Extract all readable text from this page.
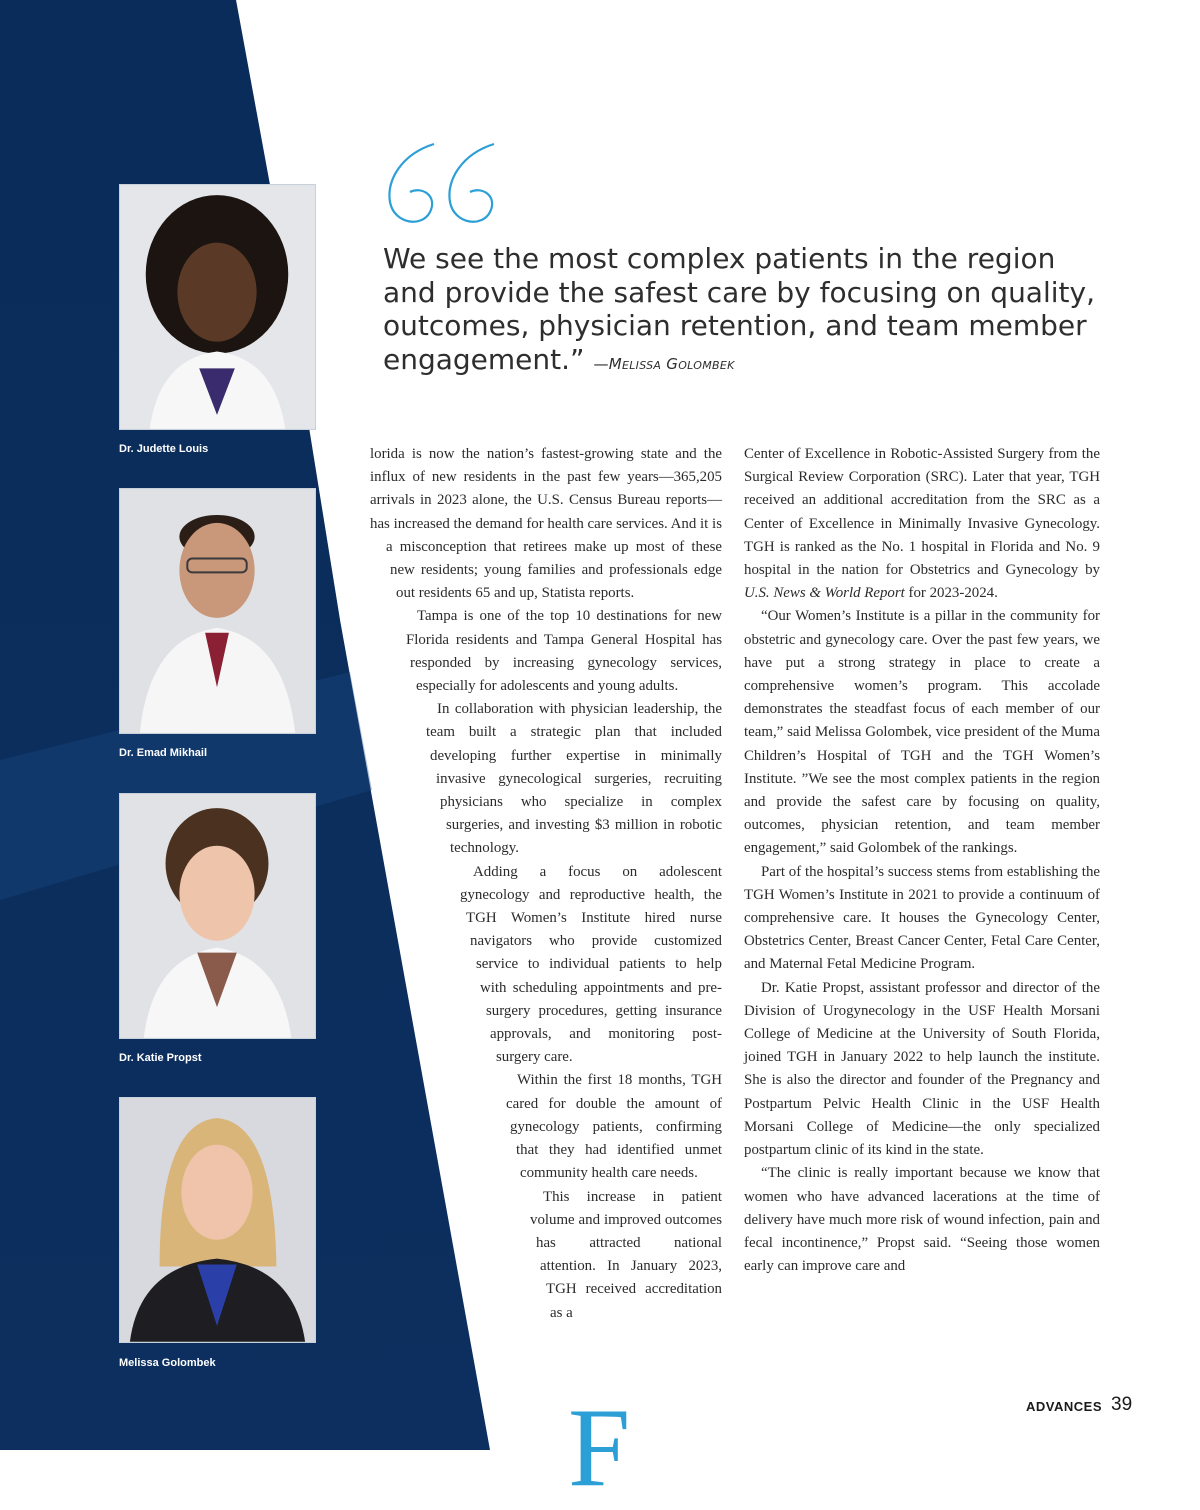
Dr. Judette Louis
Dr. Emad Mikhail
Dr. Katie Propst
Melissa Golombek

We see the most complex patients in the region and provide the safest care by focusing on quality, outcomes, physician retention, and team member engagement.” —Melissa Golombek

F

lorida is now the nation’s fastest-growing state and the influx of new residents in the past few years—365,205 arrivals in 2023 alone, the U.S. Census Bureau reports—has increased the demand for health care services. And it is a misconception that retirees make up most of these new residents; young families and professionals edge out residents 65 and up, Statista reports.

Tampa is one of the top 10 destinations for new Florida residents and Tampa General Hospital has responded by increasing gynecology services, especially for adolescents and young adults.

In collaboration with physician leadership, the team built a strategic plan that included developing further expertise in minimally invasive gynecological surgeries, recruiting physicians who specialize in complex surgeries, and investing $3 million in robotic technology.

Adding a focus on adolescent gynecology and reproductive health, the TGH Women’s Institute hired nurse navigators who provide customized service to individual patients to help with scheduling appointments and pre-surgery procedures, getting insurance approvals, and monitoring post-surgery care.

Within the first 18 months, TGH cared for double the amount of gynecology patients, confirming that they had identified unmet community health care needs.

This increase in patient volume and improved outcomes has attracted national attention. In January 2023, TGH received accreditation as a

Center of Excellence in Robotic-Assisted Surgery from the Surgical Review Corporation (SRC). Later that year, TGH received an additional accreditation from the SRC as a Center of Excellence in Minimally Invasive Gynecology. TGH is ranked as the No. 1 hospital in Florida and No. 9 hospital in the nation for Obstetrics and Gynecology by U.S. News & World Report for 2023-2024.

“Our Women’s Institute is a pillar in the community for obstetric and gynecology care. Over the past few years, we have put a strong strategy in place to create a comprehensive women’s program. This accolade demonstrates the steadfast focus of each member of our team,” said Melissa Golombek, vice president of the Muma Children’s Hospital of TGH and the TGH Women’s Institute. ”We see the most complex patients in the region and provide the safest care by focusing on quality, outcomes, physician retention, and team member engagement,” said Golombek of the rankings.

Part of the hospital’s success stems from establishing the TGH Women’s Institute in 2021 to provide a continuum of comprehensive care. It houses the Gynecology Center, Obstetrics Center, Breast Cancer Center, Fetal Care Center, and Maternal Fetal Medicine Program.

Dr. Katie Propst, assistant professor and director of the Division of Urogynecology in the USF Health Morsani College of Medicine at the University of South Florida, joined TGH in January 2022 to help launch the institute. She is also the director and founder of the Pregnancy and Postpartum Pelvic Health Clinic in the USF Health Morsani College of Medicine—the only specialized postpartum clinic of its kind in the state.

“The clinic is really important because we know that women who have advanced lacerations at the time of delivery have much more risk of wound infection, pain and fecal incontinence,” Propst said. “Seeing those women early can improve care and

ADVANCES 39
